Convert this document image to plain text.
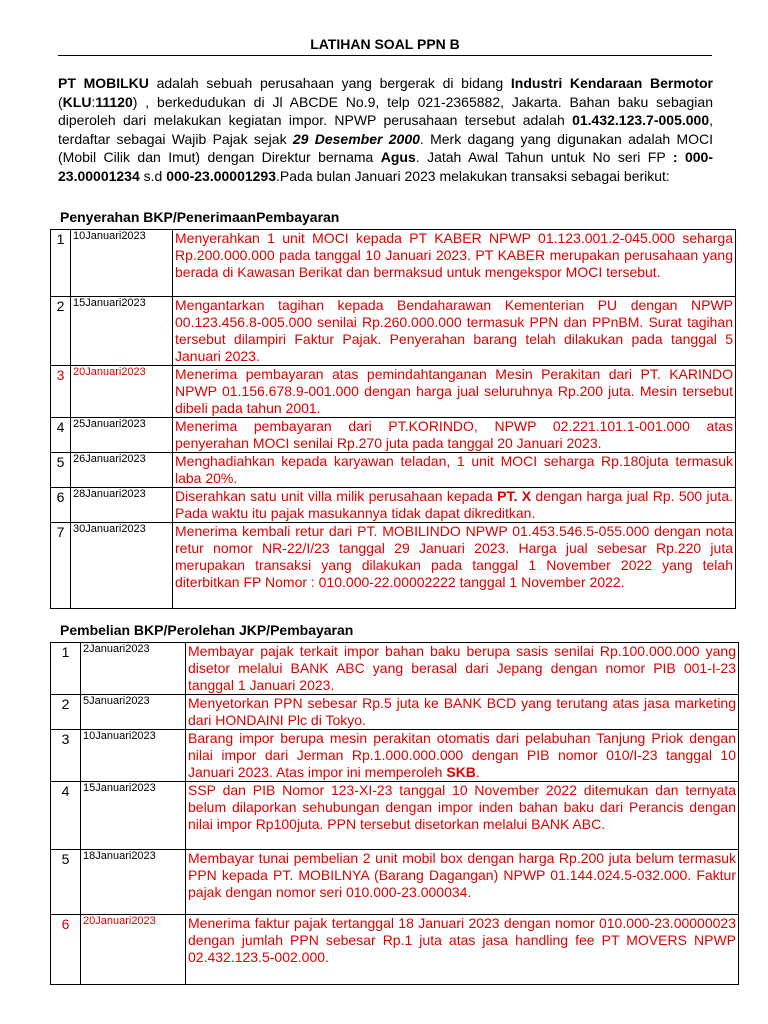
LATIHAN SOAL PPN B
PT MOBILKU adalah sebuah perusahaan yang bergerak di bidang Industri Kendaraan Bermotor (KLU:11120) , berkedudukan di Jl ABCDE No.9, telp 021-2365882, Jakarta. Bahan baku sebagian diperoleh dari melakukan kegiatan impor. NPWP perusahaan tersebut adalah 01.432.123.7-005.000, terdaftar sebagai Wajib Pajak sejak 29 Desember 2000. Merk dagang yang digunakan adalah MOCI (Mobil Cilik dan Imut) dengan Direktur bernama Agus. Jatah Awal Tahun untuk No seri FP : 000-23.00001234 s.d 000-23.00001293.Pada bulan Januari 2023 melakukan transaksi sebagai berikut:
Penyerahan BKP/PenerimaanPembayaran
1	10Januari2023	Menyerahkan 1 unit MOCI kepada PT KABER NPWP 01.123.001.2-045.000 seharga Rp.200.000.000 pada tanggal 10 Januari 2023. PT KABER merupakan perusahaan yang berada di Kawasan Berikat dan bermaksud untuk mengekspor MOCI tersebut.
2	15Januari2023	Mengantarkan tagihan kepada Bendaharawan Kementerian PU dengan NPWP 00.123.456.8-005.000 senilai Rp.260.000.000 termasuk PPN dan PPnBM. Surat tagihan tersebut dilampiri Faktur Pajak. Penyerahan barang telah dilakukan pada tanggal 5 Januari 2023.
3	20Januari2023	Menerima pembayaran atas pemindahtanganan Mesin Perakitan dari PT. KARINDO NPWP 01.156.678.9-001.000 dengan harga jual seluruhnya Rp.200 juta. Mesin tersebut dibeli pada tahun 2001.
4	25Januari2023	Menerima pembayaran dari PT.KORINDO, NPWP 02.221.101.1-001.000 atas penyerahan MOCI senilai Rp.270 juta pada tanggal 20 Januari 2023.
5	26Januari2023	Menghadiahkan kepada karyawan teladan, 1 unit MOCI seharga Rp.180juta termasuk laba 20%.
6	28Januari2023	Diserahkan satu unit villa milik perusahaan kepada PT. X dengan harga jual Rp. 500 juta. Pada waktu itu pajak masukannya tidak dapat dikreditkan.
7	30Januari2023	Menerima kembali retur dari PT. MOBILINDO NPWP 01.453.546.5-055.000 dengan nota retur nomor NR-22/I/23 tanggal 29 Januari 2023. Harga jual sebesar Rp.220 juta merupakan transaksi yang dilakukan pada tanggal 1 November 2022 yang telah diterbitkan FP Nomor : 010.000-22.00002222 tanggal 1 November 2022.
Pembelian BKP/Perolehan JKP/Pembayaran
1	2Januari2023	Membayar pajak terkait impor bahan baku berupa sasis senilai Rp.100.000.000 yang disetor melalui BANK ABC yang berasal dari Jepang dengan nomor PIB 001-I-23 tanggal 1 Januari 2023.
2	5Januari2023	Menyetorkan PPN sebesar Rp.5 juta ke BANK BCD yang terutang atas jasa marketing dari HONDAINI Plc di Tokyo.
3	10Januari2023	Barang impor berupa mesin perakitan otomatis dari pelabuhan Tanjung Priok dengan nilai impor dari Jerman Rp.1.000.000.000 dengan PIB nomor 010/I-23 tanggal 10 Januari 2023. Atas impor ini memperoleh SKB.
4	15Januari2023	SSP dan PIB Nomor 123-XI-23 tanggal 10 November 2022 ditemukan dan ternyata belum dilaporkan sehubungan dengan impor inden bahan baku dari Perancis dengan nilai impor Rp100juta. PPN tersebut disetorkan melalui BANK ABC.
5	18Januari2023	Membayar tunai pembelian 2 unit mobil box dengan harga Rp.200 juta belum termasuk PPN kepada PT. MOBILNYA (Barang Dagangan) NPWP 01.144.024.5-032.000. Faktur pajak dengan nomor seri 010.000-23.000034.
6	20Januari2023	Menerima faktur pajak tertanggal 18 Januari 2023 dengan nomor 010.000-23.00000023 dengan jumlah PPN sebesar Rp.1 juta atas jasa handling fee PT MOVERS NPWP 02.432.123.5-002.000.
